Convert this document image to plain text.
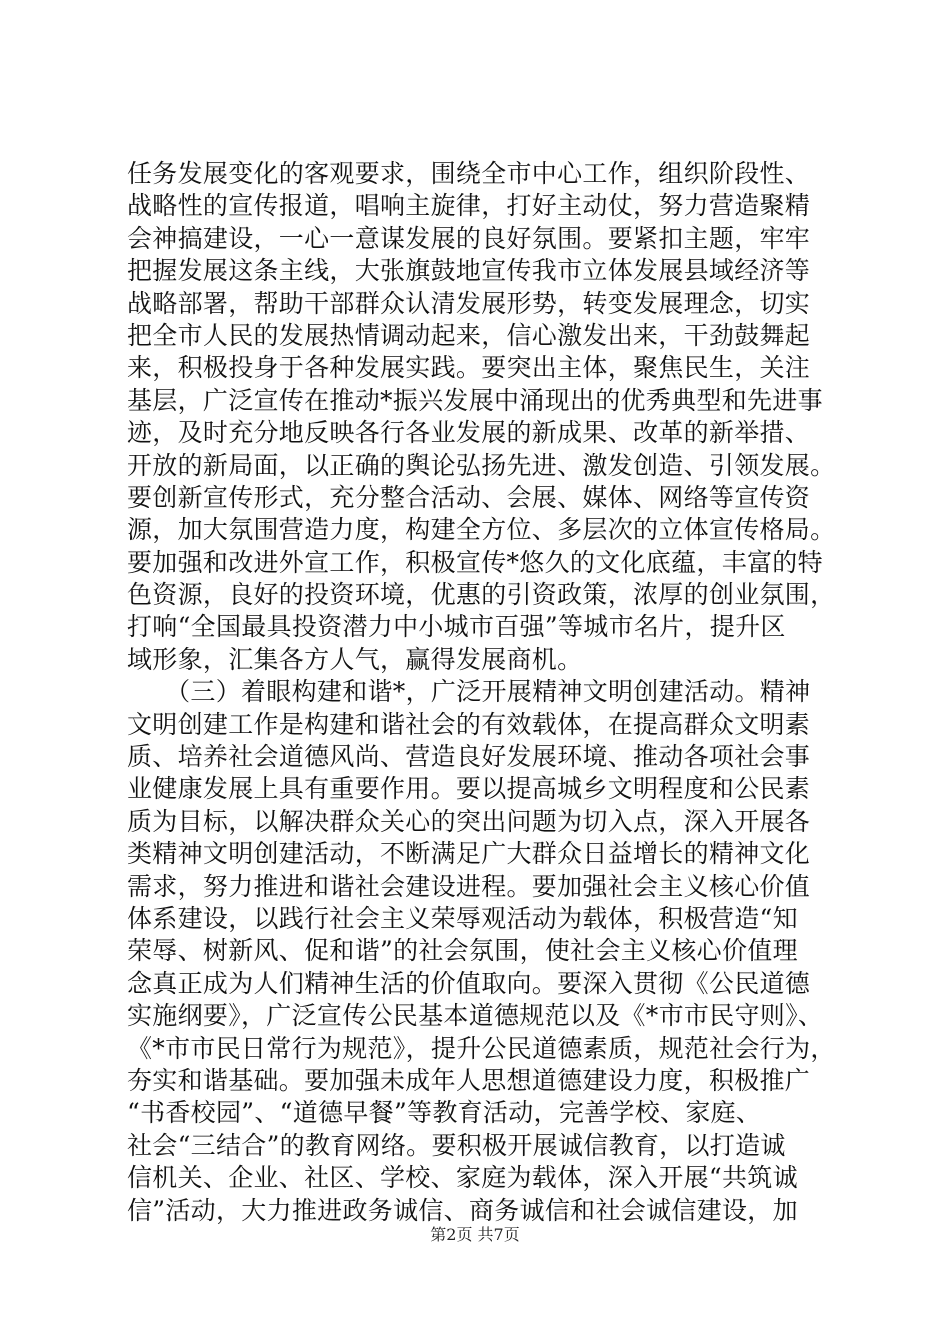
任务发展变化的客观要求，围绕全市中心工作，组织阶段性、
战略性的宣传报道，唱响主旋律，打好主动仗，努力营造聚精
会神搞建设，一心一意谋发展的良好氛围。要紧扣主题，牢牢
把握发展这条主线，大张旗鼓地宣传我市立体发展县域经济等
战略部署，帮助干部群众认清发展形势，转变发展理念，切实
把全市人民的发展热情调动起来，信心激发出来，干劲鼓舞起
来，积极投身于各种发展实践。要突出主体，聚焦民生，关注
基层，广泛宣传在推动*振兴发展中涌现出的优秀典型和先进事
迹，及时充分地反映各行各业发展的新成果、改革的新举措、
开放的新局面，以正确的舆论弘扬先进、激发创造、引领发展。
要创新宣传形式，充分整合活动、会展、媒体、网络等宣传资
源，加大氛围营造力度，构建全方位、多层次的立体宣传格局。
要加强和改进外宣工作，积极宣传*悠久的文化底蕴，丰富的特
色资源，良好的投资环境，优惠的引资政策，浓厚的创业氛围，
打响“全国最具投资潜力中小城市百强”等城市名片，提升区
域形象，汇集各方人气，赢得发展商机。
　　（三）着眼构建和谐*，广泛开展精神文明创建活动。精神
文明创建工作是构建和谐社会的有效载体，在提高群众文明素
质、培养社会道德风尚、营造良好发展环境、推动各项社会事
业健康发展上具有重要作用。要以提高城乡文明程度和公民素
质为目标，以解决群众关心的突出问题为切入点，深入开展各
类精神文明创建活动，不断满足广大群众日益增长的精神文化
需求，努力推进和谐社会建设进程。要加强社会主义核心价值
体系建设，以践行社会主义荣辱观活动为载体，积极营造“知
荣辱、树新风、促和谐”的社会氛围，使社会主义核心价值理
念真正成为人们精神生活的价值取向。要深入贯彻《公民道德
实施纲要》，广泛宣传公民基本道德规范以及《*市市民守则》、
《*市市民日常行为规范》，提升公民道德素质，规范社会行为，
夯实和谐基础。要加强未成年人思想道德建设力度，积极推广
“书香校园”、“道德早餐”等教育活动，完善学校、家庭、
社会“三结合”的教育网络。要积极开展诚信教育，以打造诚
信机关、企业、社区、学校、家庭为载体，深入开展“共筑诚
信”活动，大力推进政务诚信、商务诚信和社会诚信建设，加
第2页 共7页
